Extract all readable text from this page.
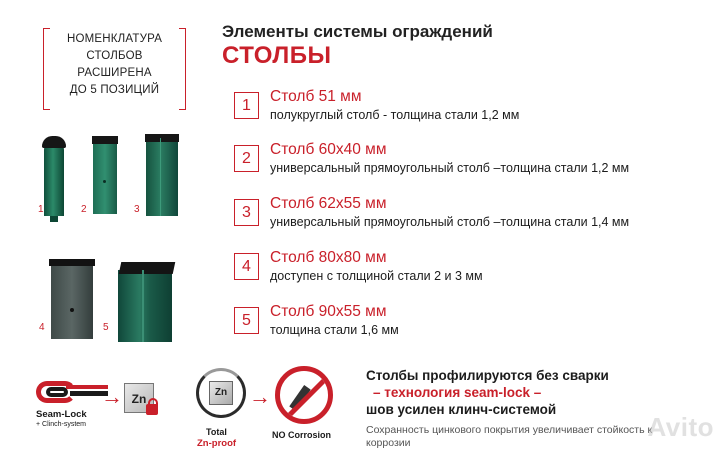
НОМЕНКЛАТУРА
СТОЛБОВ
РАСШИРЕНА
ДО 5 ПОЗИЦИЙ
Элементы системы ограждений
СТОЛБЫ
1	2	3
4	5
1
Столб 51 мм
полукруглый столб - толщина стали 1,2 мм
2
Столб 60х40 мм
универсальный прямоугольный столб –толщина стали 1,2 мм
3
Столб 62х55 мм
универсальный прямоугольный столб –толщина стали 1,4 мм
4
Столб 80х80 мм
доступен с толщиной стали 2 и 3 мм
5
Столб 90х55 мм
толщина стали 1,6 мм
Seam-Lock
+ Clinch-system
→ Zn	Zn
Total
Zn-proof
→
NO Corrosion
Столбы профилируются без сварки
– технология seam-lock –
шов усилен клинч-системой
Сохранность цинкового покрытия увеличивает стойкость к коррозии
Avito
